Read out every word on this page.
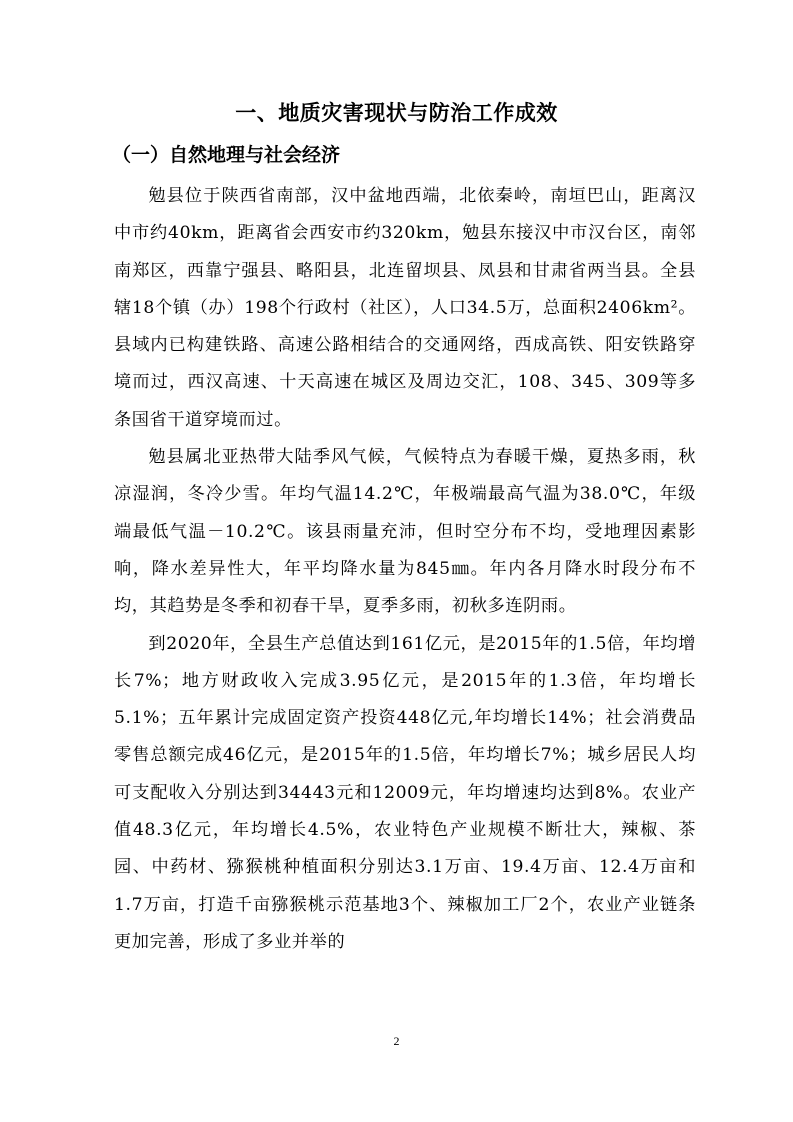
一、地质灾害现状与防治工作成效
（一）自然地理与社会经济

勉县位于陕西省南部，汉中盆地西端，北依秦岭，南垣巴山，距离汉中市约40km，距离省会西安市约320km，勉县东接汉中市汉台区，南邻南郑区，西靠宁强县、略阳县，北连留坝县、凤县和甘肃省两当县。全县辖18个镇（办）198个行政村（社区），人口34.5万，总面积2406km²。县域内已构建铁路、高速公路相结合的交通网络，西成高铁、阳安铁路穿境而过，西汉高速、十天高速在城区及周边交汇，108、345、309等多条国省干道穿境而过。

勉县属北亚热带大陆季风气候，气候特点为春暖干燥，夏热多雨，秋凉湿润，冬冷少雪。年均气温14.2℃，年极端最高气温为38.0℃，年级端最低气温－10.2℃。该县雨量充沛，但时空分布不均，受地理因素影响，降水差异性大，年平均降水量为845㎜。年内各月降水时段分布不均，其趋势是冬季和初春干旱，夏季多雨，初秋多连阴雨。

到2020年，全县生产总值达到161亿元，是2015年的1.5倍，年均增长7%；地方财政收入完成3.95亿元，是2015年的1.3倍，年均增长5.1%；五年累计完成固定资产投资448亿元,年均增长14%；社会消费品零售总额完成46亿元，是2015年的1.5倍，年均增长7%；城乡居民人均可支配收入分别达到34443元和12009元，年均增速均达到8%。农业产值48.3亿元，年均增长4.5%，农业特色产业规模不断壮大，辣椒、茶园、中药材、猕猴桃种植面积分别达3.1万亩、19.4万亩、12.4万亩和1.7万亩，打造千亩猕猴桃示范基地3个、辣椒加工厂2个，农业产业链条更加完善，形成了多业并举的

2
